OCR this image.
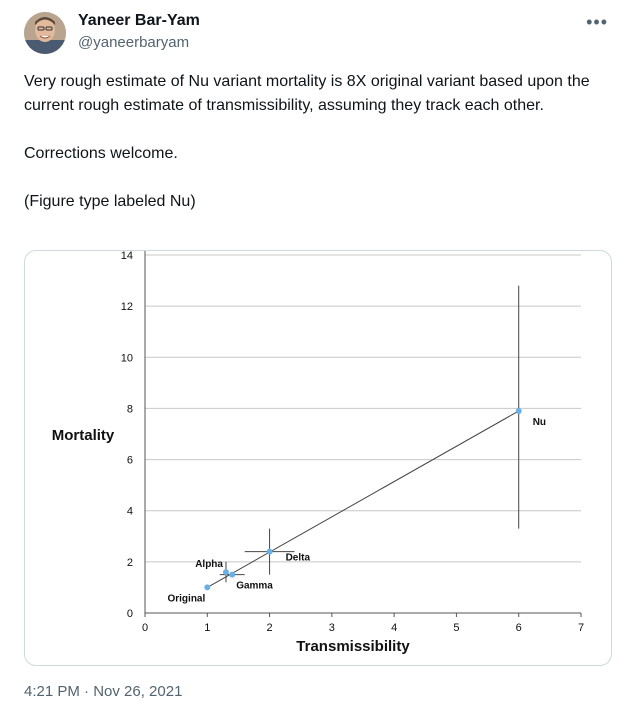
Yaneer Bar-Yam
@yaneerbaryam
•••

Very rough estimate of Nu variant mortality is 8X original variant based upon the current rough estimate of transmissibility, assuming they track each other.

Corrections welcome.

(Figure type labeled Nu)

0
2
4
6
8
10
12
14
0	1	2	3	4	5	6	7
Transmissibility
Mortality
Original
Alpha
Gamma
Delta
Nu
4:21 PM · Nov 26, 2021
